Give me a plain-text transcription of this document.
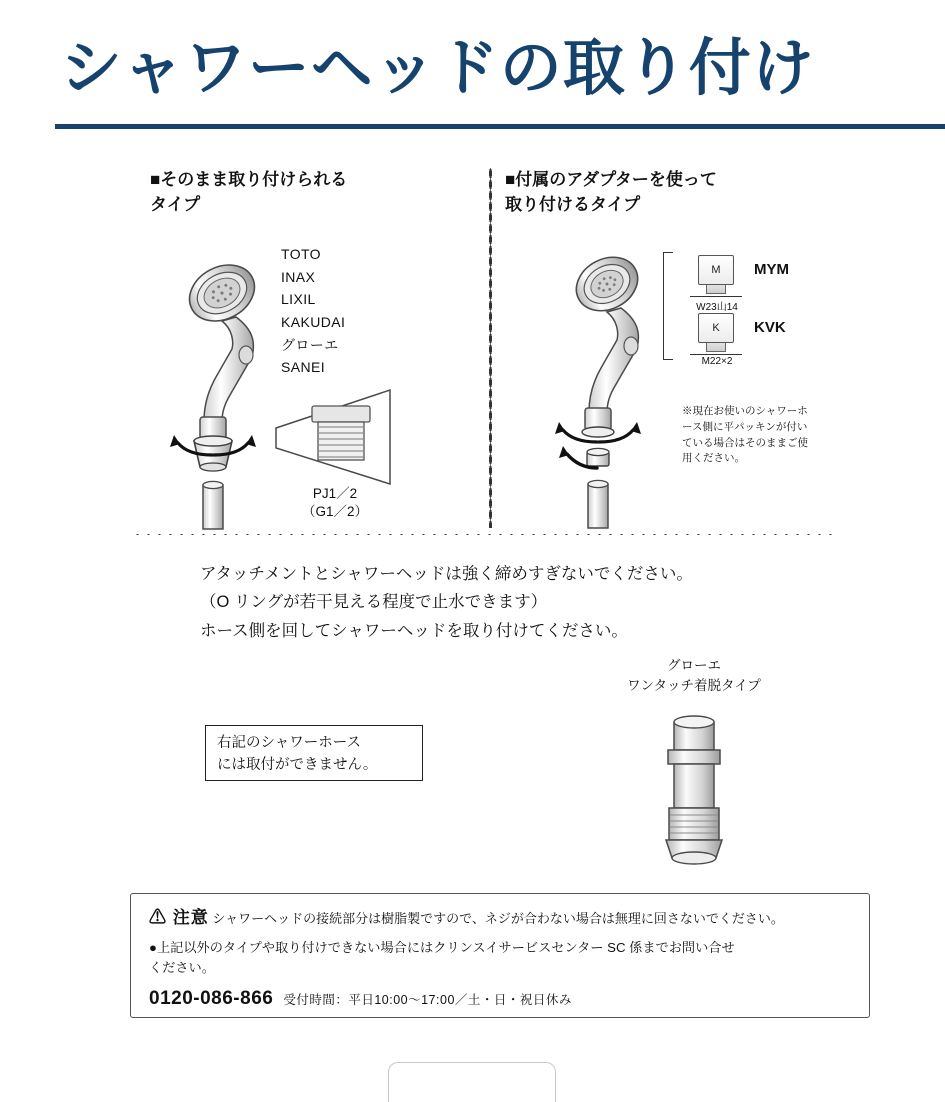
シャワーヘッドの取り付け
■そのまま取り付けられる
タイプ
TOTO
INAX
LIXIL
KAKUDAI
グローエ
SANEI
PJ1／2
（G1／2）
■付属のアダプターを使って
取り付けるタイプ
M
W23山14
MYM
K
M22×2
KVK
※現在お使いのシャワーホース側に平パッキンが付いている場合はそのままご使用ください。
アタッチメントとシャワーヘッドは強く締めすぎないでください。
（O リングが若干見える程度で止水できます）
ホース側を回してシャワーヘッドを取り付けてください。
グローエ
ワンタッチ着脱タイプ
右記のシャワーホース
には取付ができません。
⚠ 注意 シャワーヘッドの接続部分は樹脂製ですので、ネジが合わない場合は無理に回さないでください。
●上記以外のタイプや取り付けできない場合にはクリンスイサービスセンター SC 係までお問い合せ
ください。
0120-086-866 受付時間：平日10:00〜17:00／土・日・祝日休み
